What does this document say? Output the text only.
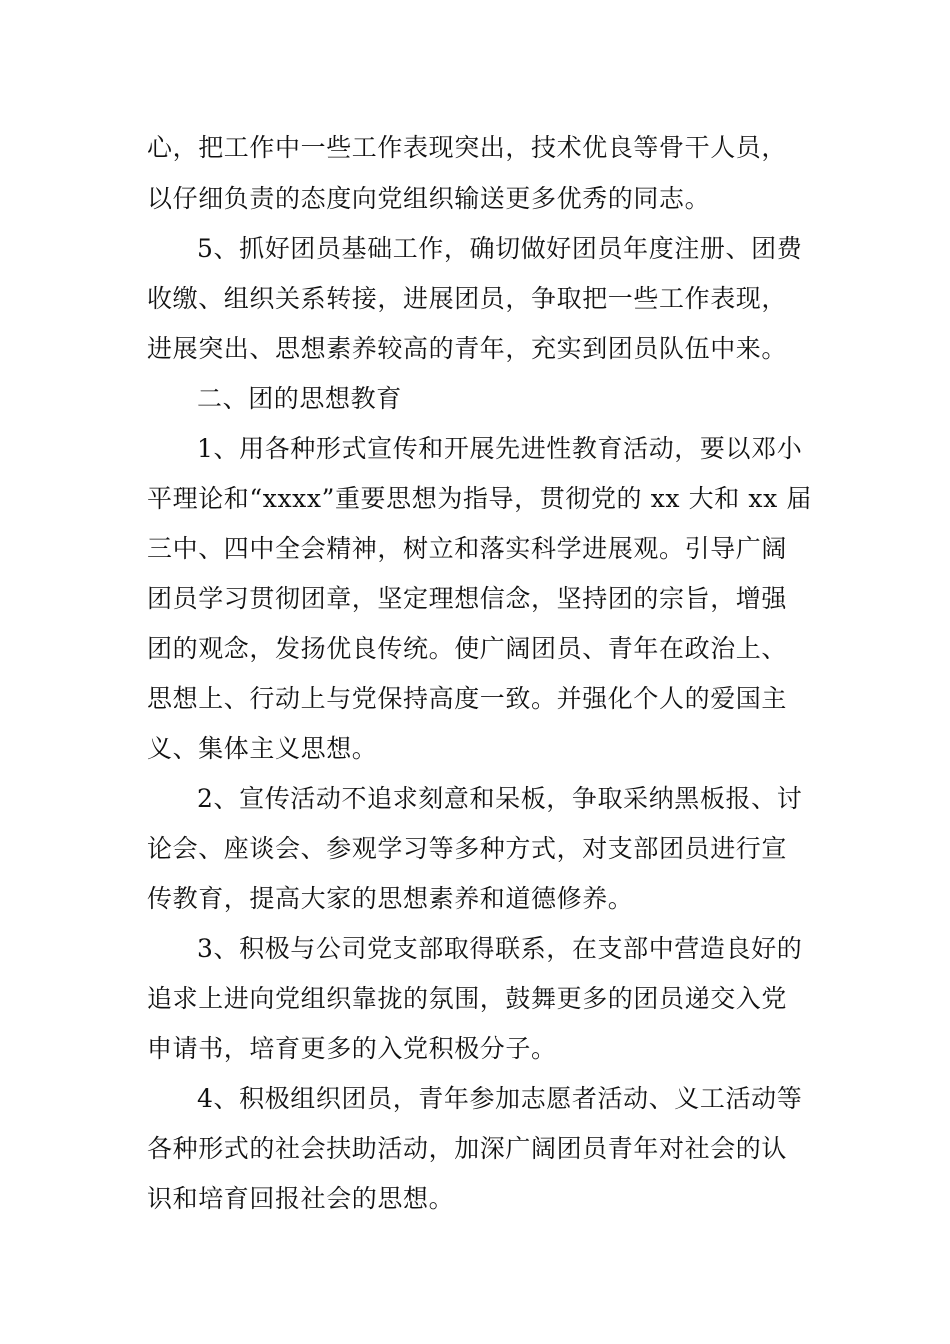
心，把工作中一些工作表现突出，技术优良等骨干人员，

以仔细负责的态度向党组织输送更多优秀的同志。

5、抓好团员基础工作，确切做好团员年度注册、团费

收缴、组织关系转接，进展团员，争取把一些工作表现，

进展突出、思想素养较高的青年，充实到团员队伍中来。

二、团的思想教育

1、用各种形式宣传和开展先进性教育活动，要以邓小

平理论和“xxxx”重要思想为指导，贯彻党的 xx 大和 xx 届

三中、四中全会精神，树立和落实科学进展观。引导广阔

团员学习贯彻团章，坚定理想信念，坚持团的宗旨，增强

团的观念，发扬优良传统。使广阔团员、青年在政治上、

思想上、行动上与党保持高度一致。并强化个人的爱国主

义、集体主义思想。

2、宣传活动不追求刻意和呆板，争取采纳黑板报、讨

论会、座谈会、参观学习等多种方式，对支部团员进行宣

传教育，提高大家的思想素养和道德修养。

3、积极与公司党支部取得联系，在支部中营造良好的

追求上进向党组织靠拢的氛围，鼓舞更多的团员递交入党

申请书，培育更多的入党积极分子。

4、积极组织团员，青年参加志愿者活动、义工活动等

各种形式的社会扶助活动，加深广阔团员青年对社会的认

识和培育回报社会的思想。
